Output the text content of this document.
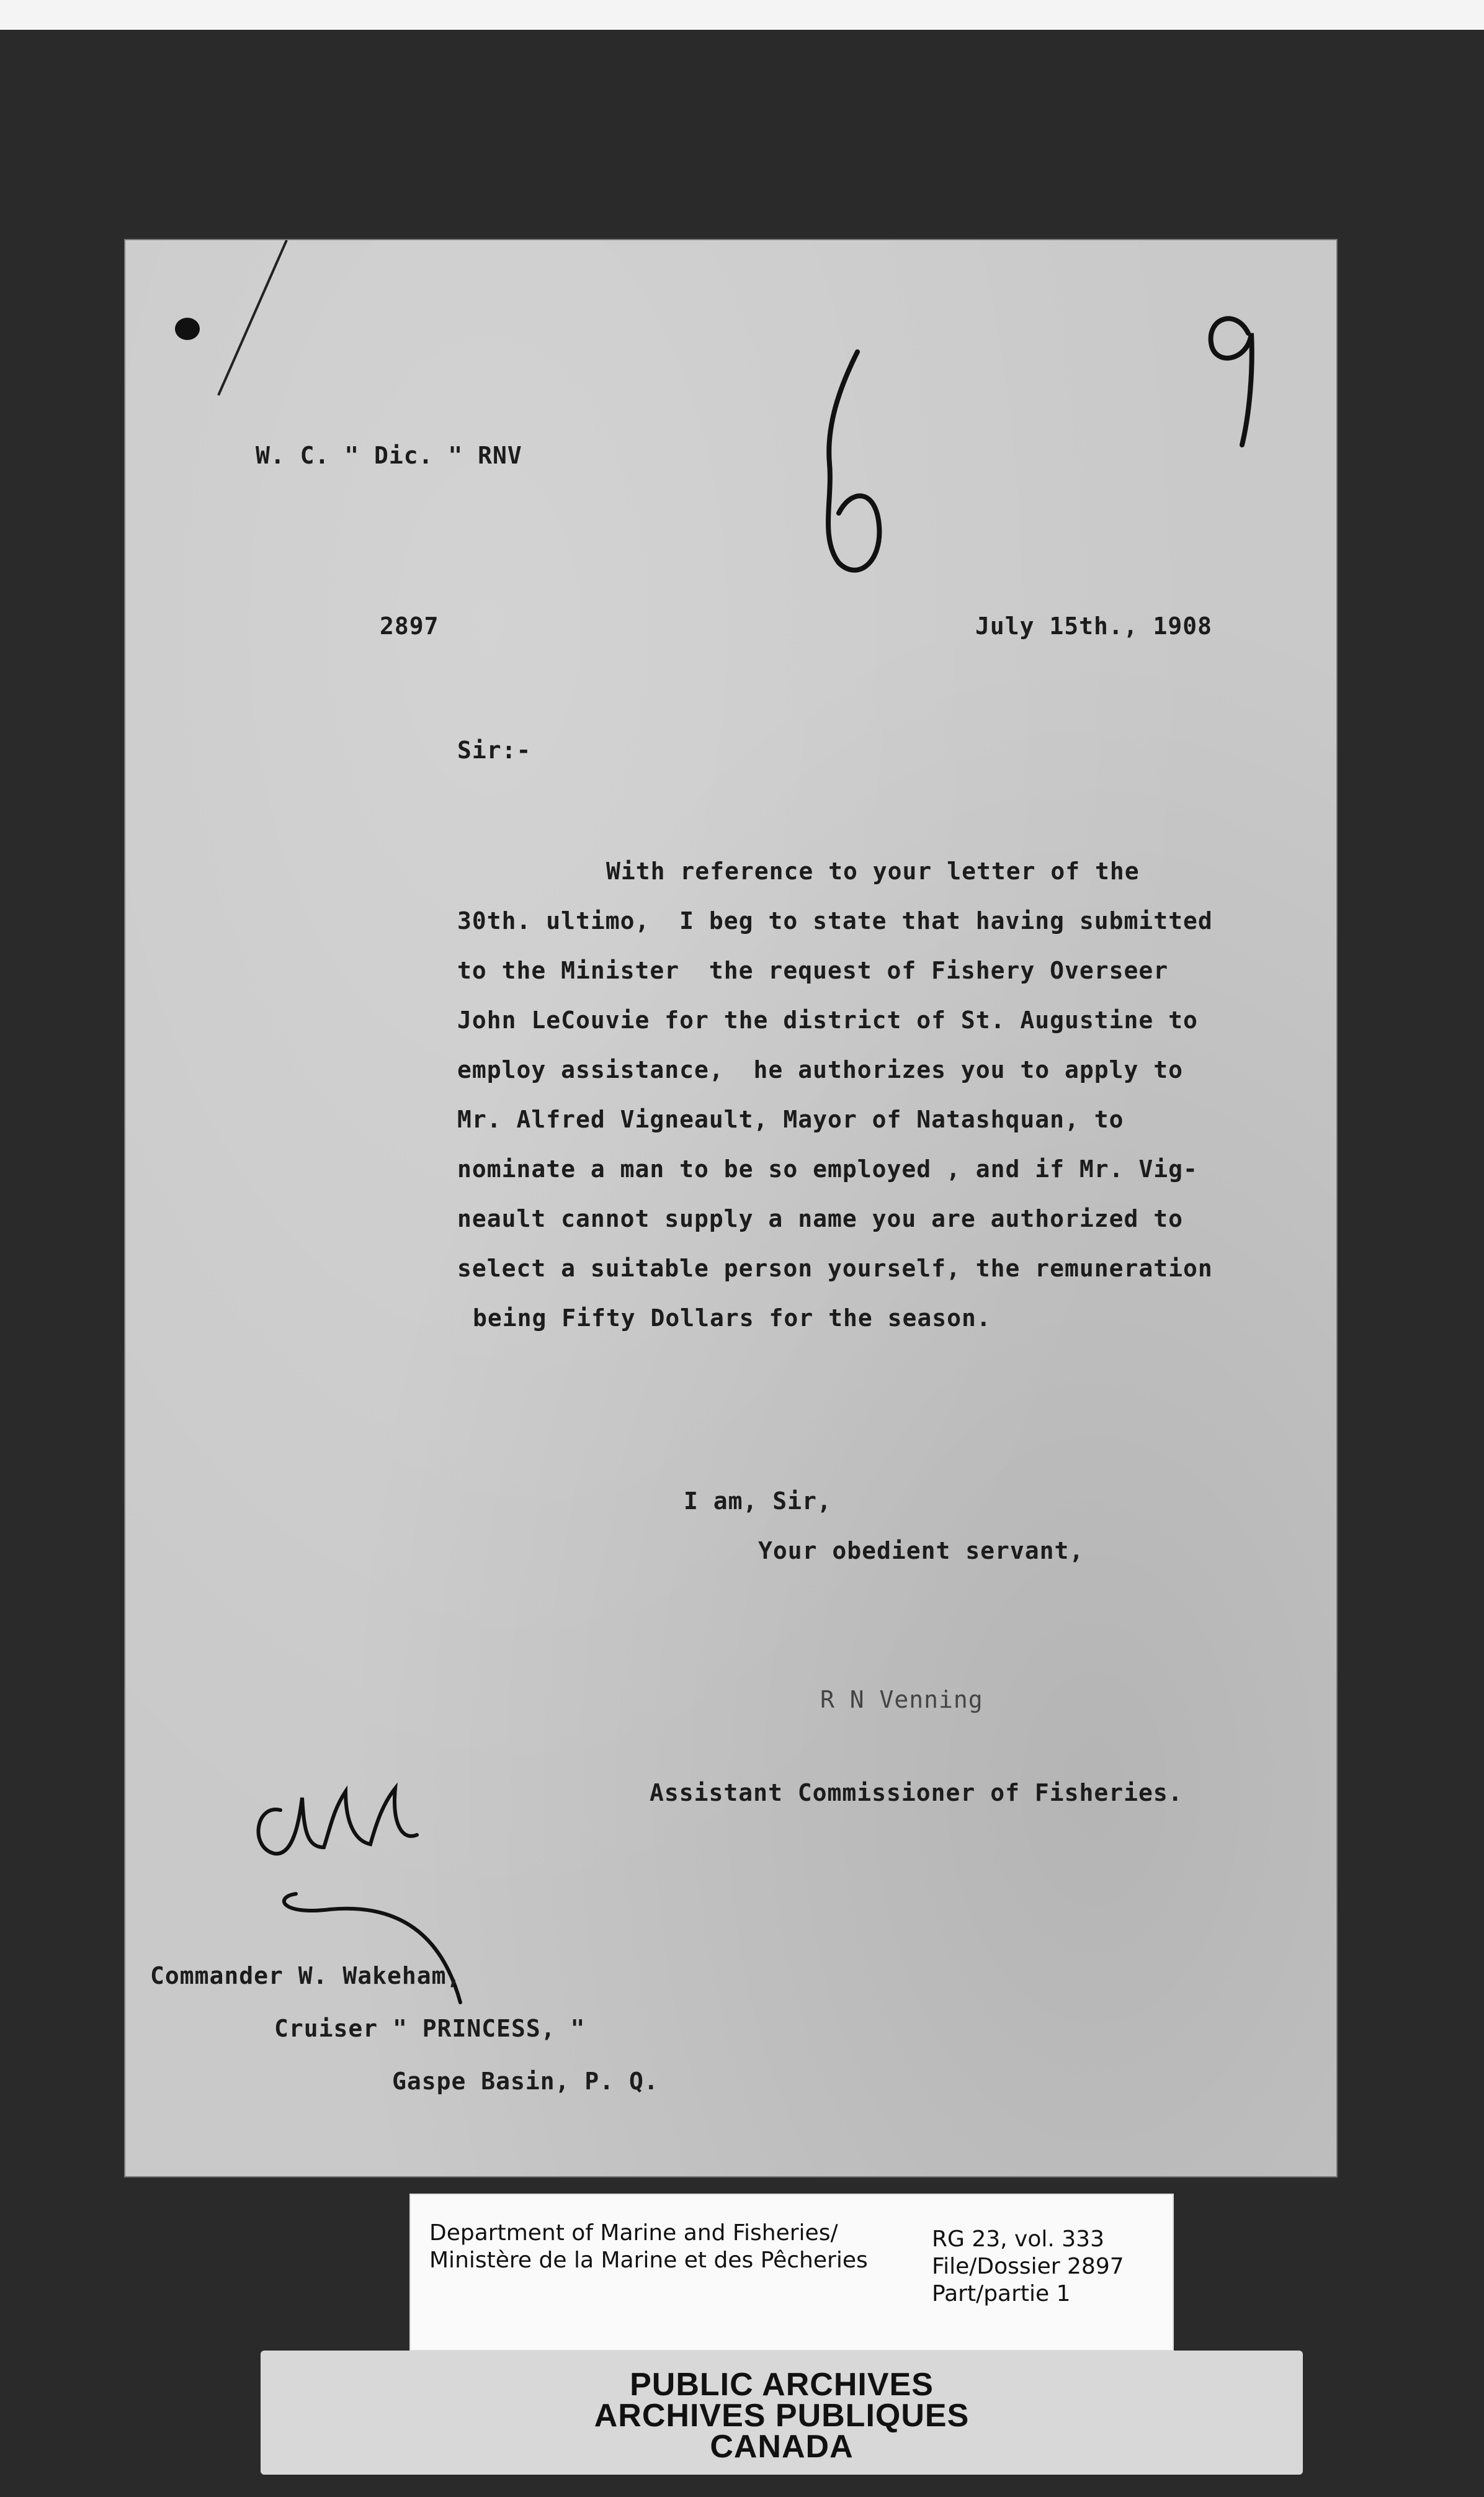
W. C. " Dic. " RNV
2897	July 15th., 1908
Sir:-
With reference to your letter of the
30th. ultimo,  I beg to state that having submitted
to the Minister  the request of Fishery Overseer
John LeCouvie for the district of St. Augustine to
employ assistance,  he authorizes you to apply to
Mr. Alfred Vigneault, Mayor of Natashquan, to
nominate a man to be so employed , and if Mr. Vig-
neault cannot supply a name you are authorized to
select a suitable person yourself, the remuneration
being Fifty Dollars for the season.
I am, Sir,
Your obedient servant,
R N Venning
Assistant Commissioner of Fisheries.
Commander W. Wakeham,
Cruiser " PRINCESS, "
Gaspe Basin, P. Q.
Department of Marine and Fisheries/
Ministère de la Marine et des Pêcheries
RG 23, vol. 333
File/Dossier 2897
Part/partie 1
PUBLIC ARCHIVES
ARCHIVES PUBLIQUES
CANADA
